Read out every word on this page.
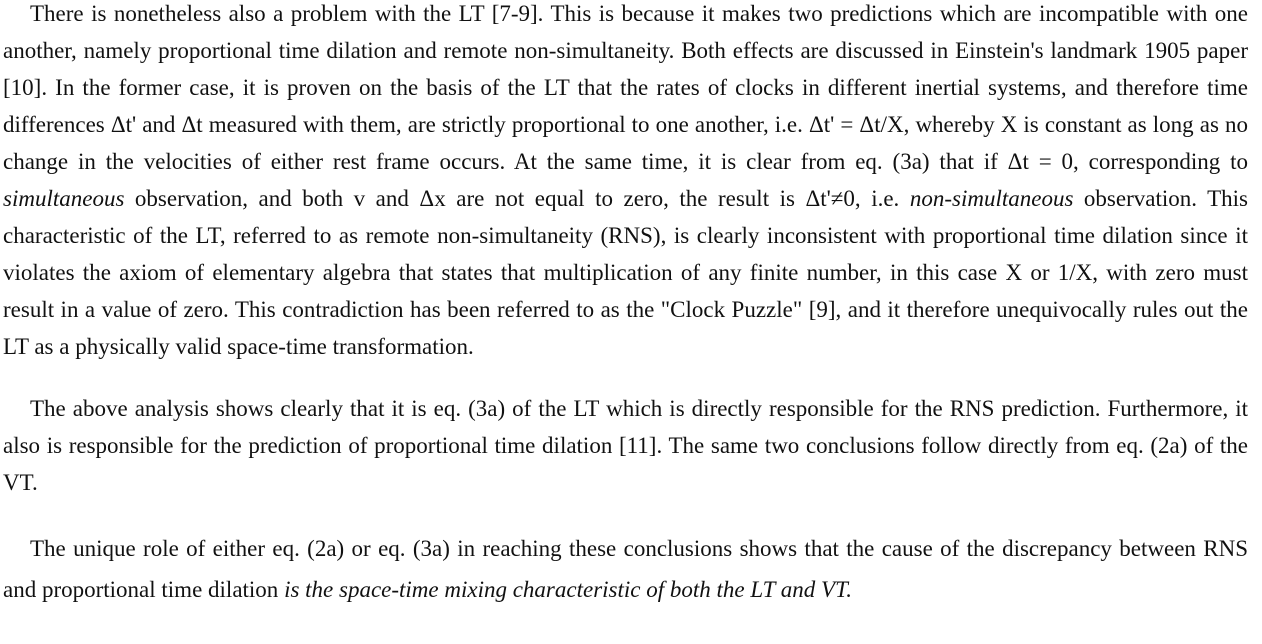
There is nonetheless also a problem with the LT [7-9]. This is because it makes two predictions which are incompatible with one another, namely proportional time dilation and remote non-simultaneity. Both effects are discussed in Einstein's landmark 1905 paper [10]. In the former case, it is proven on the basis of the LT that the rates of clocks in different inertial systems, and therefore time differences Δt' and Δt measured with them, are strictly proportional to one another, i.e. Δt' = Δt/X, whereby X is constant as long as no change in the velocities of either rest frame occurs. At the same time, it is clear from eq. (3a) that if Δt = 0, corresponding to simultaneous observation, and both v and Δx are not equal to zero, the result is Δt'≠0, i.e. non-simultaneous observation. This characteristic of the LT, referred to as remote non-simultaneity (RNS), is clearly inconsistent with proportional time dilation since it violates the axiom of elementary algebra that states that multiplication of any finite number, in this case X or 1/X, with zero must result in a value of zero. This contradiction has been referred to as the "Clock Puzzle" [9], and it therefore unequivocally rules out the LT as a physically valid space-time transformation.

The above analysis shows clearly that it is eq. (3a) of the LT which is directly responsible for the RNS prediction. Furthermore, it also is responsible for the prediction of proportional time dilation [11]. The same two conclusions follow directly from eq. (2a) of the VT.

The unique role of either eq. (2a) or eq. (3a) in reaching these conclusions shows that the cause of the discrepancy between RNS and proportional time dilation is the space-time mixing characteristic of both the LT and VT.
